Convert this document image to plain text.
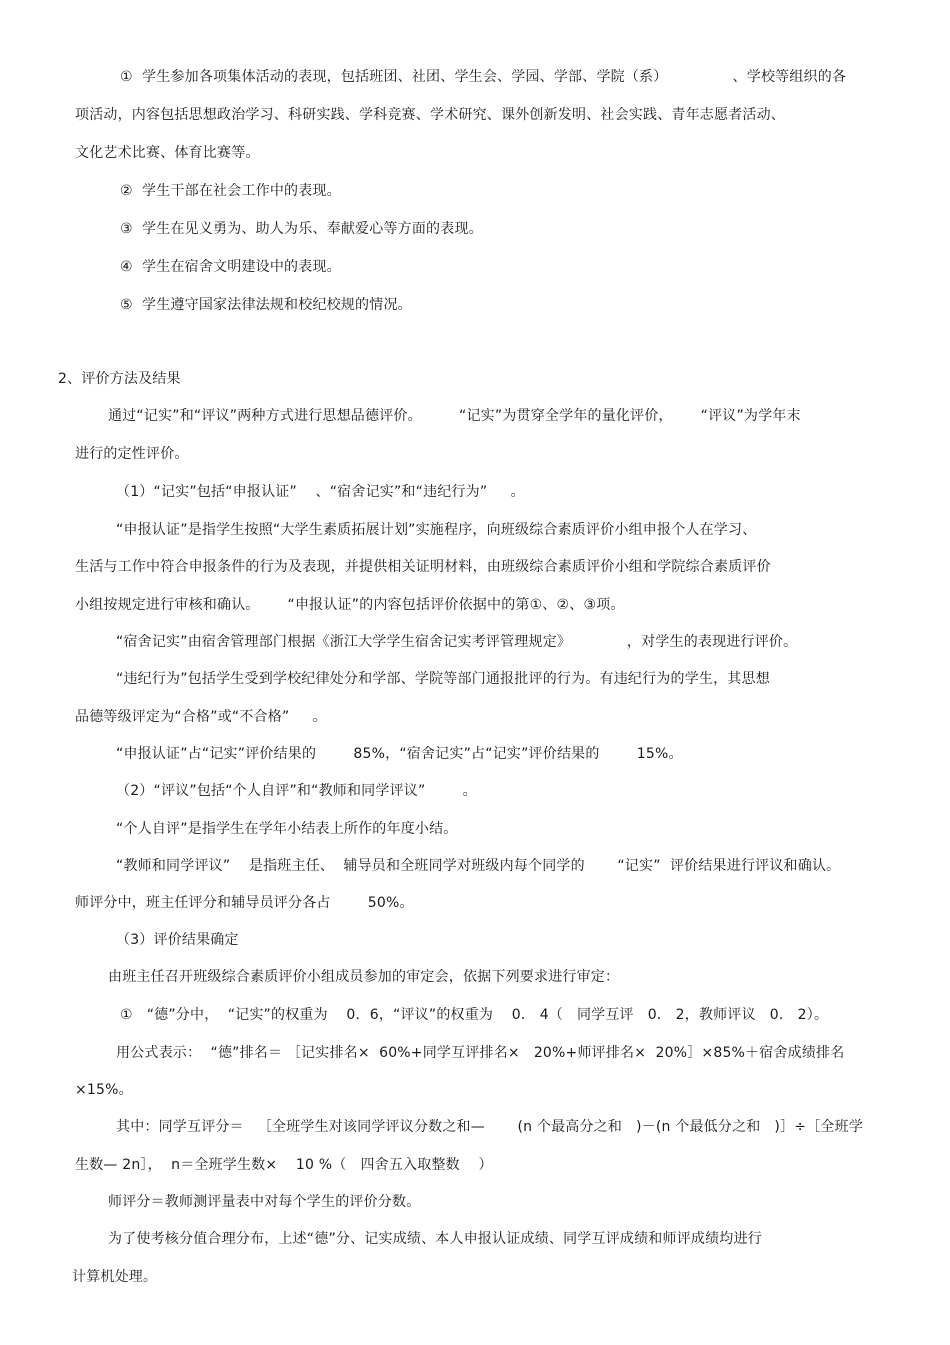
①  学生参加各项集体活动的表现，包括班团、社团、学生会、学园、学部、学院（系）              、学校等组织的各

项活动，内容包括思想政治学习、科研实践、学科竞赛、学术研究、课外创新发明、社会实践、青年志愿者活动、

文化艺术比赛、体育比赛等。

②  学生干部在社会工作中的表现。

③  学生在见义勇为、助人为乐、奉献爱心等方面的表现。

④  学生在宿舍文明建设中的表现。

⑤  学生遵守国家法律法规和校纪校规的情况。

2、评价方法及结果

通过“记实”和“评议”两种方式进行思想品德评价。        “记实”为贯穿全学年的量化评价，      “评议”为学年末

进行的定性评价。

（1）“记实”包括“申报认证”    、“宿舍记实”和“违纪行为”     。

“申报认证”是指学生按照“大学生素质拓展计划”实施程序，向班级综合素质评价小组申报个人在学习、

生活与工作中符合申报条件的行为及表现，并提供相关证明材料，由班级综合素质评价小组和学院综合素质评价

小组按规定进行审核和确认。      “申报认证”的内容包括评价依据中的第①、②、③项。

“宿舍记实”由宿舍管理部门根据《浙江大学学生宿舍记实考评管理规定》            ，对学生的表现进行评价。

“违纪行为”包括学生受到学校纪律处分和学部、学院等部门通报批评的行为。有违纪行为的学生，其思想

品德等级评定为“合格”或“不合格”     。

“申报认证”占“记实”评价结果的        85%，“宿舍记实”占“记实”评价结果的        15%。

（2）“评议”包括“个人自评”和“教师和同学评议”        。

“个人自评”是指学生在学年小结表上所作的年度小结。

“教师和同学评议”    是指班主任、  辅导员和全班同学对班级内每个同学的       “记实”  评价结果进行评议和确认。

师评分中，班主任评分和辅导员评分各占        50%。

（3）评价结果确定

由班主任召开班级综合素质评价小组成员参加的审定会，依据下列要求进行审定：

①   “德”分中，  “记实”的权重为    0．6，“评议”的权重为    0． 4（   同学互评   0． 2，教师评议   0． 2）。

用公式表示：  “德”排名＝ ［记实排名×  60%+同学互评排名×   20%+师评排名×  20%］×85%＋宿舍成绩排名

×15%。

其中：同学互评分＝   ［全班学生对该同学评议分数之和—       (n 个最高分之和   )－(n 个最低分之和   )］÷［全班学

生数— 2n］，  n＝全班学生数×    10 %（   四舍五入取整数    ）

师评分＝教师测评量表中对每个学生的评价分数。

为了使考核分值合理分布，上述“德”分、记实成绩、本人申报认证成绩、同学互评成绩和师评成绩均进行

计算机处理。
